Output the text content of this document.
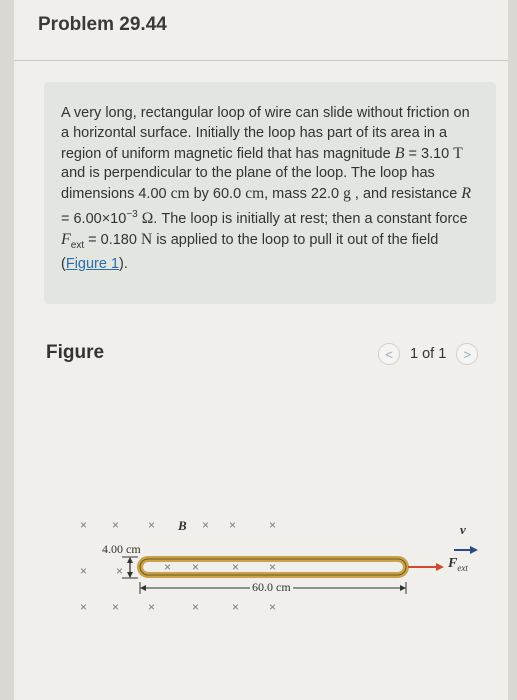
Problem 29.44
A very long, rectangular loop of wire can slide without friction on a horizontal surface. Initially the loop has part of its area in a region of uniform magnetic field that has magnitude B = 3.10 T and is perpendicular to the plane of the loop. The loop has dimensions 4.00 cm by 60.0 cm, mass 22.0 g , and resistance $R = 6.00\times 10^{-3}$ Ω. The loop is initially at rest; then a constant force $F_{ext} = 0.180$ N is applied to the loop to pull it out of the field (Figure 1).
Figure	< 1 of 1 >
× × ×	× ×	×
× ×	× ×	× ×
× × ×	×	× ×
B
4.00 cm
60.0 cm
$F_{ext}$
v
